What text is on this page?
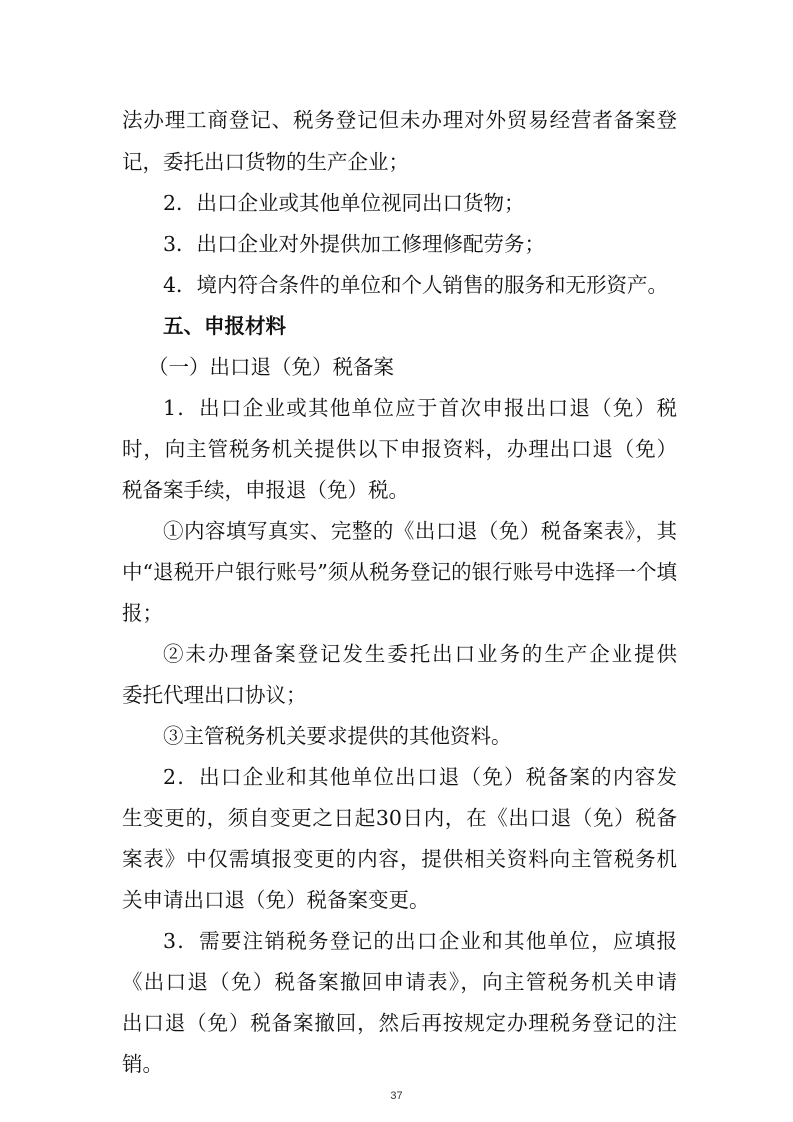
法办理工商登记、税务登记但未办理对外贸易经营者备案登
记，委托出口货物的生产企业；
2．出口企业或其他单位视同出口货物；
3．出口企业对外提供加工修理修配劳务；
4．境内符合条件的单位和个人销售的服务和无形资产。
五、申报材料
（一）出口退（免）税备案
1．出口企业或其他单位应于首次申报出口退（免）税
时，向主管税务机关提供以下申报资料，办理出口退（免）
税备案手续，申报退（免）税。
①内容填写真实、完整的《出口退（免）税备案表》，其
中“退税开户银行账号”须从税务登记的银行账号中选择一个填
报；
②未办理备案登记发生委托出口业务的生产企业提供
委托代理出口协议；
③主管税务机关要求提供的其他资料。
2．出口企业和其他单位出口退（免）税备案的内容发
生变更的，须自变更之日起30日内，在《出口退（免）税备
案表》中仅需填报变更的内容，提供相关资料向主管税务机
关申请出口退（免）税备案变更。
3．需要注销税务登记的出口企业和其他单位，应填报
《出口退（免）税备案撤回申请表》，向主管税务机关申请
出口退（免）税备案撤回，然后再按规定办理税务登记的注
销。
37
